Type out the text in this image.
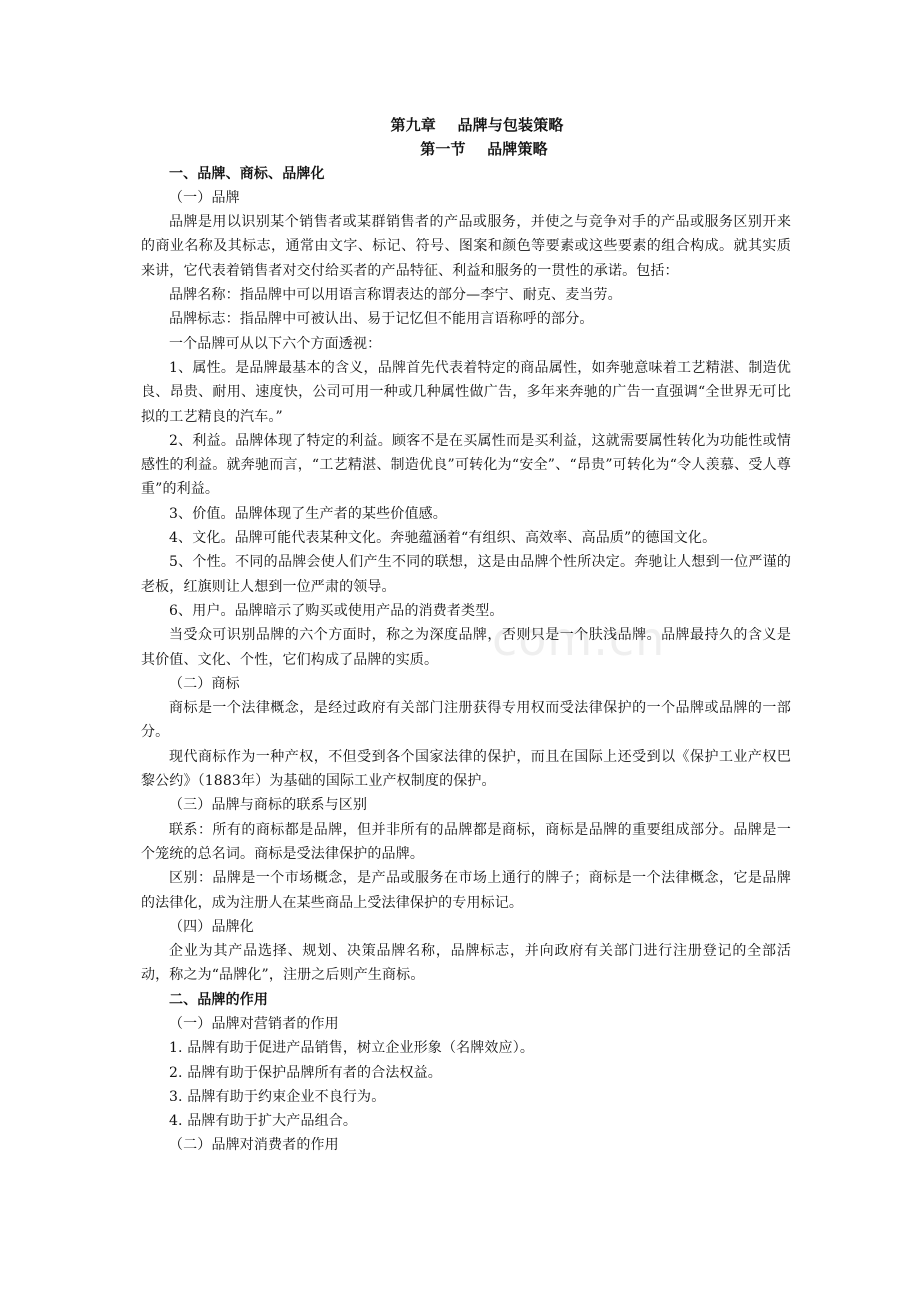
com.cn

第九章    品牌与包装策略

第一节    品牌策略

一、品牌、商标、品牌化

（一）品牌

品牌是用以识别某个销售者或某群销售者的产品或服务，并使之与竞争对手的产品或服务区别开来的商业名称及其标志，通常由文字、标记、符号、图案和颜色等要素或这些要素的组合构成。就其实质来讲，它代表着销售者对交付给买者的产品特征、利益和服务的一贯性的承诺。包括：

品牌名称：指品牌中可以用语言称谓表达的部分—李宁、耐克、麦当劳。

品牌标志：指品牌中可被认出、易于记忆但不能用言语称呼的部分。

一个品牌可从以下六个方面透视：

1、属性。是品牌最基本的含义，品牌首先代表着特定的商品属性，如奔驰意味着工艺精湛、制造优良、昂贵、耐用、速度快，公司可用一种或几种属性做广告，多年来奔驰的广告一直强调“全世界无可比拟的工艺精良的汽车。”

2、利益。品牌体现了特定的利益。顾客不是在买属性而是买利益，这就需要属性转化为功能性或情感性的利益。就奔驰而言，“工艺精湛、制造优良”可转化为“安全”、“昂贵”可转化为“令人羡慕、受人尊重”的利益。

3、价值。品牌体现了生产者的某些价值感。

4、文化。品牌可能代表某种文化。奔驰蕴涵着“有组织、高效率、高品质”的德国文化。

5、个性。不同的品牌会使人们产生不同的联想，这是由品牌个性所决定。奔驰让人想到一位严谨的老板，红旗则让人想到一位严肃的领导。

6、用户。品牌暗示了购买或使用产品的消费者类型。

当受众可识别品牌的六个方面时，称之为深度品牌，否则只是一个肤浅品牌。品牌最持久的含义是其价值、文化、个性，它们构成了品牌的实质。

（二）商标

商标是一个法律概念，是经过政府有关部门注册获得专用权而受法律保护的一个品牌或品牌的一部分。

现代商标作为一种产权，不但受到各个国家法律的保护，而且在国际上还受到以《保护工业产权巴黎公约》（1883年）为基础的国际工业产权制度的保护。

（三）品牌与商标的联系与区别

联系：所有的商标都是品牌，但并非所有的品牌都是商标，商标是品牌的重要组成部分。品牌是一个笼统的总名词。商标是受法律保护的品牌。

区别：品牌是一个市场概念，是产品或服务在市场上通行的牌子；商标是一个法律概念，它是品牌的法律化，成为注册人在某些商品上受法律保护的专用标记。

（四）品牌化

企业为其产品选择、规划、决策品牌名称，品牌标志，并向政府有关部门进行注册登记的全部活动，称之为“品牌化”，注册之后则产生商标。

二、品牌的作用

（一）品牌对营销者的作用

1. 品牌有助于促进产品销售，树立企业形象（名牌效应）。

2. 品牌有助于保护品牌所有者的合法权益。

3. 品牌有助于约束企业不良行为。

4. 品牌有助于扩大产品组合。

（二）品牌对消费者的作用
